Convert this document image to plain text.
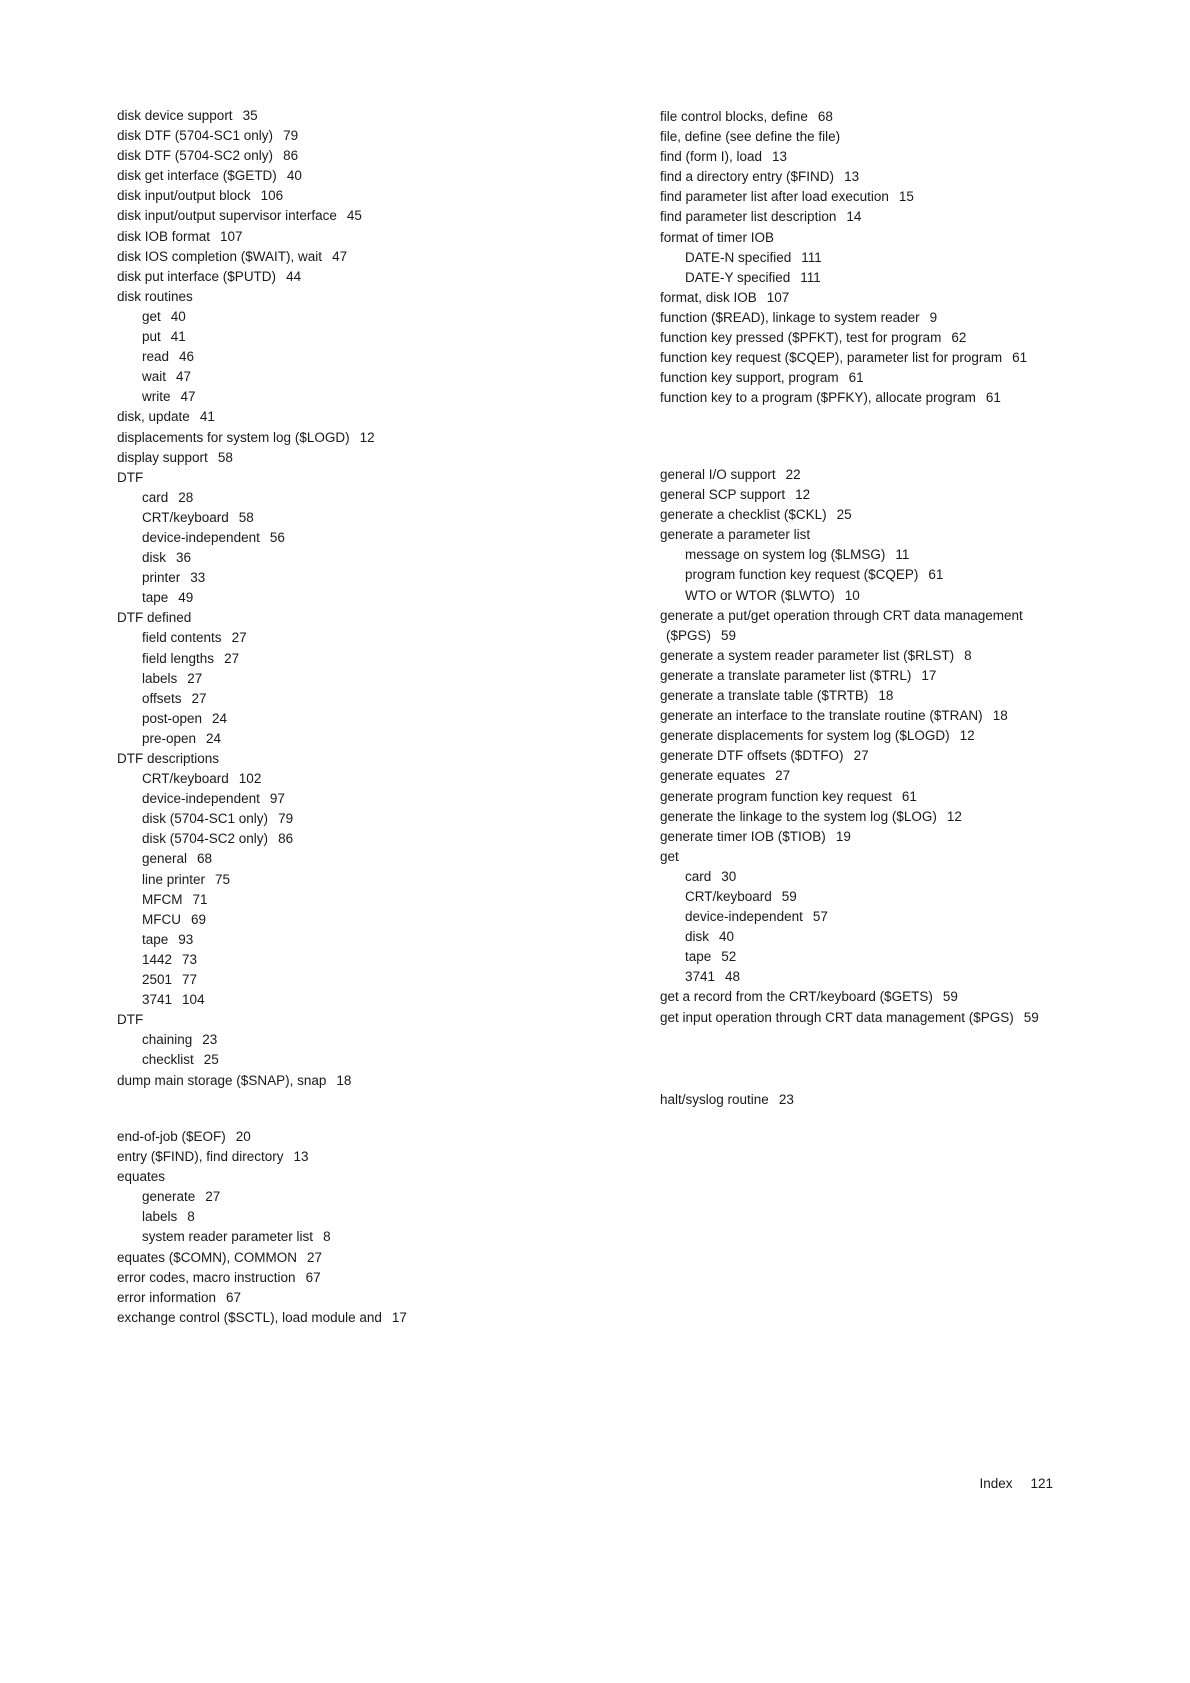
disk device support 35
disk DTF (5704-SC1 only) 79
disk DTF (5704-SC2 only) 86
disk get interface ($GETD) 40
disk input/output block 106
disk input/output supervisor interface 45
disk IOB format 107
disk IOS completion ($WAIT), wait 47
disk put interface ($PUTD) 44
disk routines
get 40
put 41
read 46
wait 47
write 47
disk, update 41
displacements for system log ($LOGD) 12
display support 58
DTF
card 28
CRT/keyboard 58
device-independent 56
disk 36
printer 33
tape 49
DTF defined
field contents 27
field lengths 27
labels 27
offsets 27
post-open 24
pre-open 24
DTF descriptions
CRT/keyboard 102
device-independent 97
disk (5704-SC1 only) 79
disk (5704-SC2 only) 86
general 68
line printer 75
MFCM 71
MFCU 69
tape 93
1442 73
2501 77
3741 104
DTF
chaining 23
checklist 25
dump main storage ($SNAP), snap 18
end-of-job ($EOF) 20
entry ($FIND), find directory 13
equates
generate 27
labels 8
system reader parameter list 8
equates ($COMN), COMMON 27
error codes, macro instruction 67
error information 67
exchange control ($SCTL), load module and 17
file control blocks, define 68
file, define (see define the file)
find (form I), load 13
find a directory entry ($FIND) 13
find parameter list after load execution 15
find parameter list description 14
format of timer IOB
DATE-N specified 111
DATE-Y specified 111
format, disk IOB 107
function ($READ), linkage to system reader 9
function key pressed ($PFKT), test for program 62
function key request ($CQEP), parameter list for program 61
function key support, program 61
function key to a program ($PFKY), allocate program 61
general I/O support 22
general SCP support 12
generate a checklist ($CKL) 25
generate a parameter list
message on system log ($LMSG) 11
program function key request ($CQEP) 61
WTO or WTOR ($LWTO) 10
generate a put/get operation through CRT data management
($PGS) 59
generate a system reader parameter list ($RLST) 8
generate a translate parameter list ($TRL) 17
generate a translate table ($TRTB) 18
generate an interface to the translate routine ($TRAN) 18
generate displacements for system log ($LOGD) 12
generate DTF offsets ($DTFO) 27
generate equates 27
generate program function key request 61
generate the linkage to the system log ($LOG) 12
generate timer IOB ($TIOB) 19
get
card 30
CRT/keyboard 59
device-independent 57
disk 40
tape 52
3741 48
get a record from the CRT/keyboard ($GETS) 59
get input operation through CRT data management ($PGS) 59
halt/syslog routine 23
Index 121
